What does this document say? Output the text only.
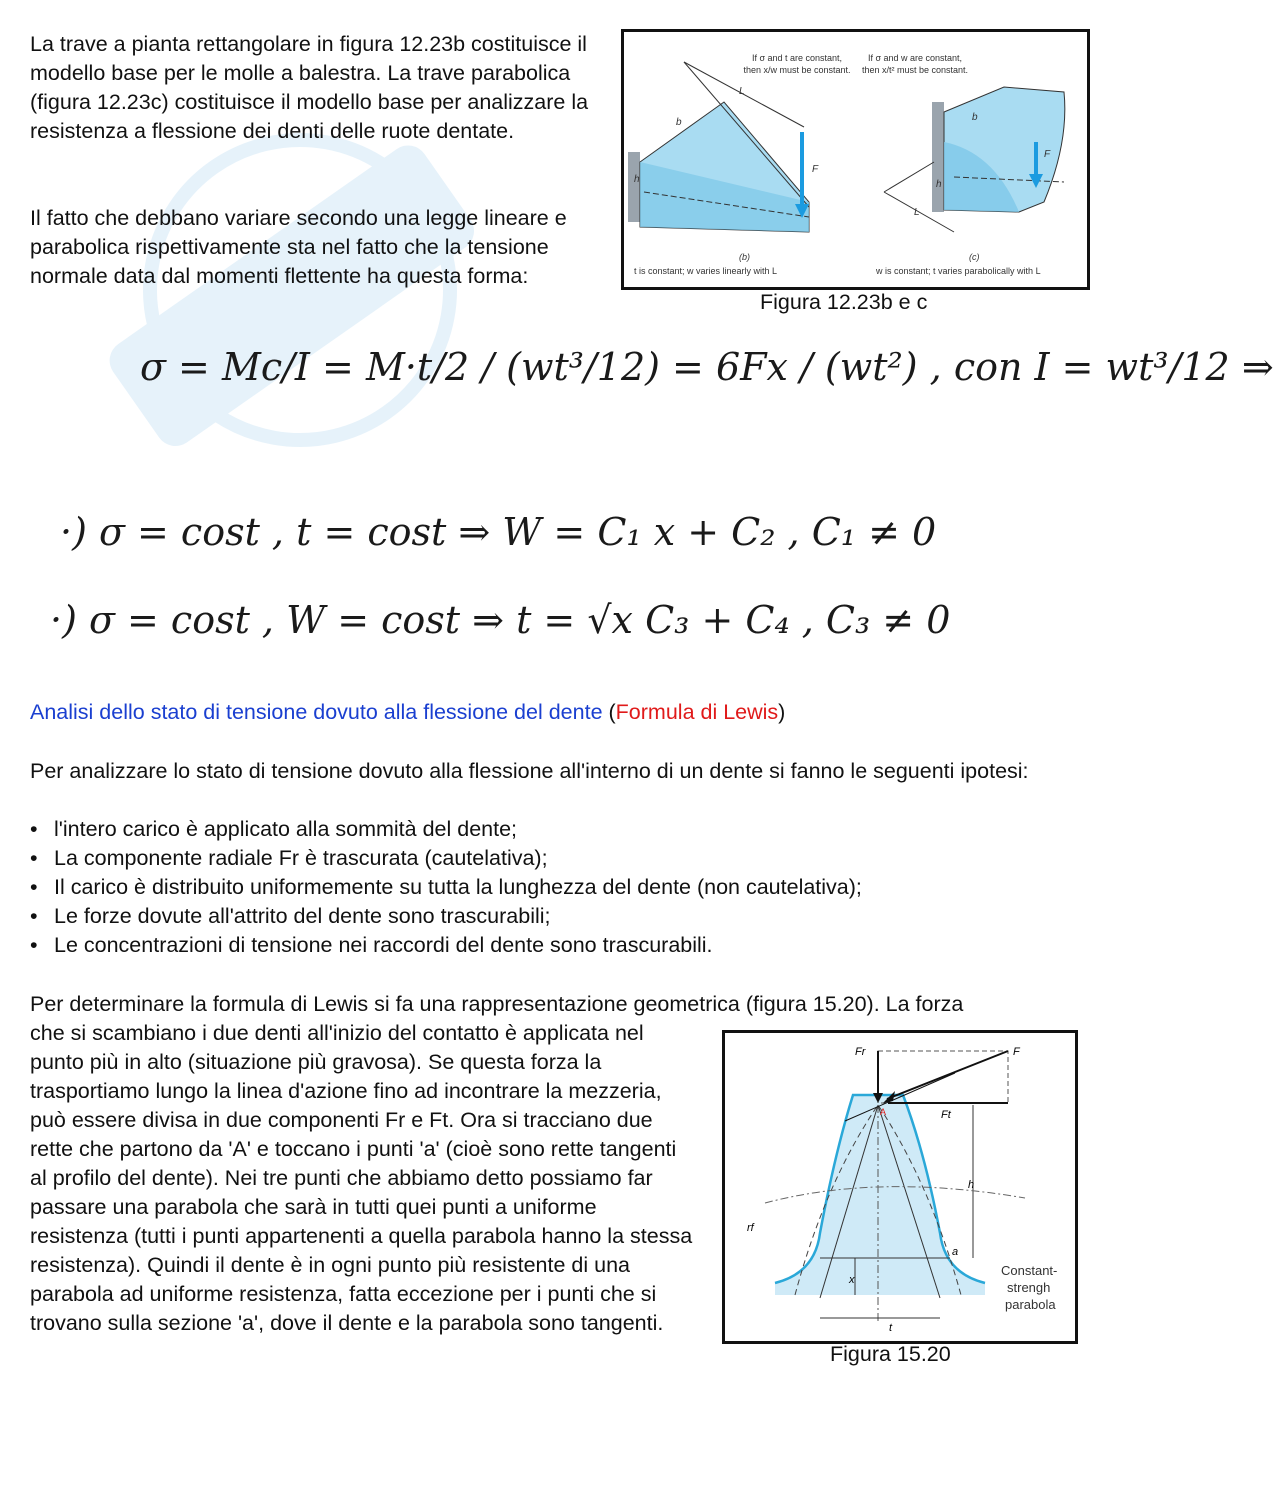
La trave a pianta rettangolare in figura 12.23b costituisce il modello base per le molle a balestra. La trave parabolica (figura 12.23c) costituisce il modello base per analizzare la resistenza a flessione dei denti delle ruote dentate.
Il fatto che debbano variare secondo una legge lineare e parabolica rispettivamente sta nel fatto che la tensione normale data dal momenti flettente ha questa forma:
L
b
h
F
(b)
t is constant; w varies linearly with L
If σ and t are constant, then x/w must be constant.
b
h
L
F
(c)
w is constant; t varies parabolically with L
If σ and w are constant, then x/t² must be constant.
Figura 12.23b e c
σ = Mc/I = M·t/2 / (wt³/12) = 6Fx / (wt²) , con I = wt³/12 ⇒
·) σ = cost , t = cost ⇒ W = C₁ x + C₂ , C₁ ≠ 0
·) σ = cost , W = cost ⇒ t = √x C₃ + C₄ , C₃ ≠ 0
Analisi dello stato di tensione dovuto alla flessione del dente (Formula di Lewis)
Per analizzare lo stato di tensione dovuto alla flessione all'interno di un dente si fanno le seguenti ipotesi:
• l'intero carico è applicato alla sommità del dente;
• La componente radiale Fr è trascurata (cautelativa);
• Il carico è distribuito uniformemente su tutta la lunghezza del dente (non cautelativa);
• Le forze dovute all'attrito del dente sono trascurabili;
• Le concentrazioni di tensione nei raccordi del dente sono trascurabili.
Per determinare la formula di Lewis si fa una rappresentazione geometrica (figura 15.20). La forza
che si scambiano i due denti all'inizio del contatto è applicata nel punto più in alto (situazione più gravosa). Se questa forza la trasportiamo lungo la linea d'azione fino ad incontrare la mezzeria, può essere divisa in due componenti Fr e Ft. Ora si tracciano due rette che partono da 'A' e toccano i punti 'a' (cioè sono rette tangenti al profilo del dente). Nei tre punti che abbiamo detto possiamo far passare una parabola che sarà in tutti quei punti a uniforme resistenza (tutti i punti appartenenti a quella parabola hanno la stessa resistenza). Quindi il dente è in ogni punto più resistente di una parabola ad uniforme resistenza, fatta eccezione per i punti che si trovano sulla sezione 'a', dove il dente e la parabola sono tangenti.
Fr	F
Ft
h
rf
a
x
t
A
Constant-
strengh
parabola
Figura 15.20
